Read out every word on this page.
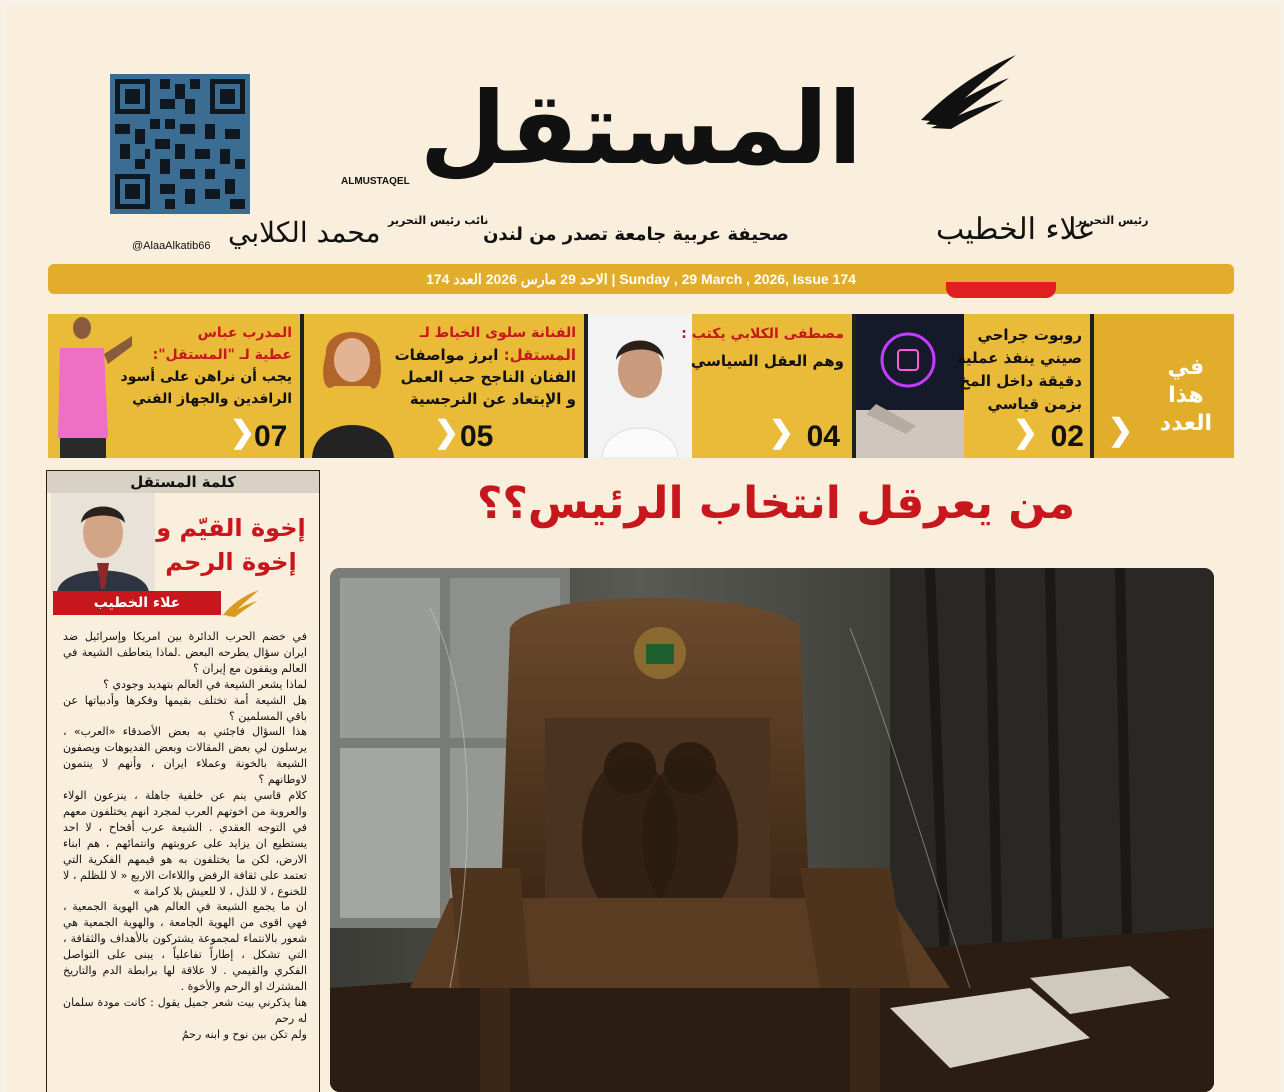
@AlaaAlkatib66
المستقل
ALMUSTAQEL
رئيس التحرير
علاء الخطيب
نائب رئيس التحرير
محمد الكلابي	صحيفة عربية جامعة تصدر من لندن
الاحد 29 مارس 2026 العدد 174 | Sunday , 29 March , 2026, Issue 174
في
هذا
العدد
❯
روبوت جراحي
صيني ينفذ عملية
دقيقة داخل المخ
بزمن قياسي
02
❯
مصطفى الكلابي يكتب :
وهم العقل السياسي
04
❯
الفنانة سلوى الخياط لـ
المستقل: ابرز مواصفات
الفنان الناجح حب العمل
و الإبتعاد عن النرجسية
05
❯
المدرب عباس
عطية لـ "المستقل":
يجب أن نراهن على أسود
الرافدين والجهاز الفني
07
❯
كلمة المستقل
إخوة القيّم و
إخوة الرحم
علاء الخطيب

في خضم الحرب الدائرة بين امريكا وإسرائيل ضد ايران سؤال يطرحه البعض .لماذا يتعاطف الشيعة في العالم ويقفون مع إيران ؟

لماذا يشعر الشيعة في العالم بتهديد وجودي ؟

هل الشيعة أمة تختلف بقيمها وفكرها وأدبياتها عن باقي المسلمين ؟

هذا السؤال فاجئني به بعض الأصدقاء «العرب» ، يرسلون لي بعض المقالات وبعض الفديوهات ويصفون الشيعة بالخونة وعملاء ايران ، وأنهم لا ينتمون لاوطانهم ؟

كلام قاسي ينم عن خلفية جاهلة ، ينزعون الولاء والعروبة من اخوتهم العرب لمجرد انهم يختلفون معهم في التوجه العقدي . الشيعة عرب أقحاح ، لا احد يستطيع ان يزايد على عروبتهم وانتمائهم ، هم ابناء الارض، لكن ما يختلفون به هو قيمهم الفكرية التي تعتمد على ثقافة الرفض واللاءات الاربع « لا للظلم ، لا للخنوع ، لا للذل ، لا للعيش بلا كرامة »

ان ما يجمع الشيعة في العالم هي الهوية الجمعية ، فهي اقوى من الهوية الجامعة ، والهوية الجمعية هي شعور بالانتماء لمجموعة يشتركون بالأهداف والثقافة ، التي تشكل ، إطاراً تفاعلياً ، يبنى على التواصل الفكري والقيمي . لا علاقة لها برابطة الدم والتاريخ المشترك او الرحم والأخوة .

هنا يذكرني بيت شعر جميل يقول : كانت مودة سلمان له رحم

ولم تكن بين نوح و ابنه رحمُ

من يعرقل انتخاب الرئيس؟؟
